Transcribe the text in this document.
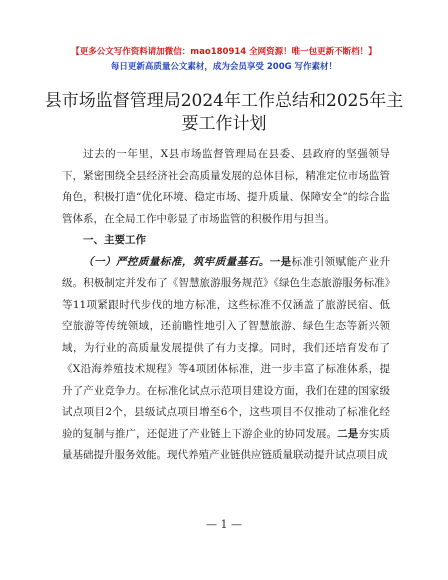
【更多公文写作资料请加微信：mao180914 全网资源！唯一包更新不断档！】
每日更新高质量公文素材，成为会员享受 200G 写作素材！
县市场监督管理局2024年工作总结和2025年主要工作计划

过去的一年里，X县市场监督管理局在县委、县政府的坚强领导下，紧密围绕全县经济社会高质量发展的总体目标，精准定位市场监管角色，积极打造“优化环境、稳定市场、提升质量、保障安全”的综合监管体系，在全局工作中彰显了市场监管的积极作用与担当。

一、主要工作

（一）严控质量标准，筑牢质量基石。一是标准引领赋能产业升级。积极制定并发布了《智慧旅游服务规范》《绿色生态旅游服务标准》等11项紧跟时代步伐的地方标准，这些标准不仅涵盖了旅游民宿、低空旅游等传统领域，还前瞻性地引入了智慧旅游、绿色生态等新兴领域，为行业的高质量发展提供了有力支撑。同时，我们还培育发布了《X沿海养殖技术规程》等4项团体标准，进一步丰富了标准体系，提升了产业竞争力。在标准化试点示范项目建设方面，我们在建的国家级试点项目2个，县级试点项目增至6个，这些项目不仅推动了标准化经验的复制与推广，还促进了产业链上下游企业的协同发展。二是夯实质量基础提升服务效能。现代养殖产业链供应链质量联动提升试点项目成

— 1 —
